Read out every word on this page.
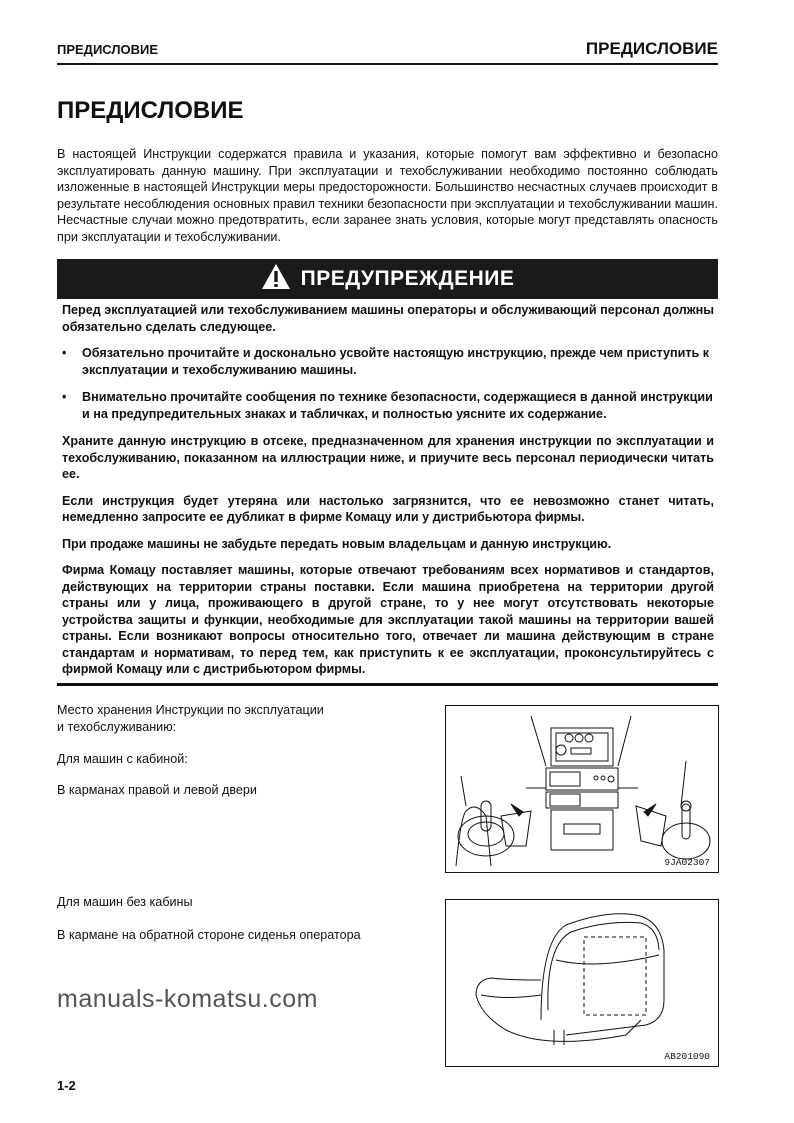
ПРЕДИСЛОВИЕ	ПРЕДИСЛОВИЕ
ПРЕДИСЛОВИЕ

В настоящей Инструкции содержатся правила и указания, которые помогут вам эффективно и безопасно эксплуатировать данную машину. При эксплуатации и техобслуживании необходимо постоянно соблюдать изложенные в настоящей Инструкции меры предосторожности. Большинство несчастных случаев происходит в результате несоблюдения основных правил техники безопасности при эксплуатации и техобслуживании машин. Несчастные случаи можно предотвратить, если заранее знать условия, которые могут представлять опасность при эксплуатации и техобслуживании.

ПРЕДУПРЕЖДЕНИЕ

Перед эксплуатацией или техобслуживанием машины операторы и обслуживающий персонал должны обязательно сделать следующее.

• Обязательно прочитайте и досконально усвойте настоящую инструкцию, прежде чем приступить к эксплуатации и техобслуживанию машины.
• Внимательно прочитайте сообщения по технике безопасности, содержащиеся в данной инструкции и на предупредительных знаках и табличках, и полностью уясните их содержание.

Храните данную инструкцию в отсеке, предназначенном для хранения инструкции по эксплуатации и техобслуживанию, показанном на иллюстрации ниже, и приучите весь персонал периодически читать ее.

Если инструкция будет утеряна или настолько загрязнится, что ее невозможно станет читать, немедленно запросите ее дубликат в фирме Комацу или у дистрибьютора фирмы.

При продаже машины не забудьте передать новым владельцам и данную инструкцию.

Фирма Комацу поставляет машины, которые отвечают требованиям всех нормативов и стандартов, действующих на территории страны поставки. Если машина приобретена на территории другой страны или у лица, проживающего в другой стране, то у нее могут отсутствовать некоторые устройства защиты и функции, необходимые для эксплуатации такой машины на территории вашей страны. Если возникают вопросы относительно того, отвечает ли машина действующим в стране стандартам и нормативам, то перед тем, как приступить к ее эксплуатации, проконсультируйтесь с фирмой Комацу или с дистрибьютором фирмы.

Место хранения Инструкции по эксплуатации
и техобслуживанию:
Для машин с кабиной:
В карманах правой и левой двери
Для машин без кабины
В кармане на обратной стороне сиденья оператора
manuals-komatsu.com
9JA02307
AB201090
1-2
